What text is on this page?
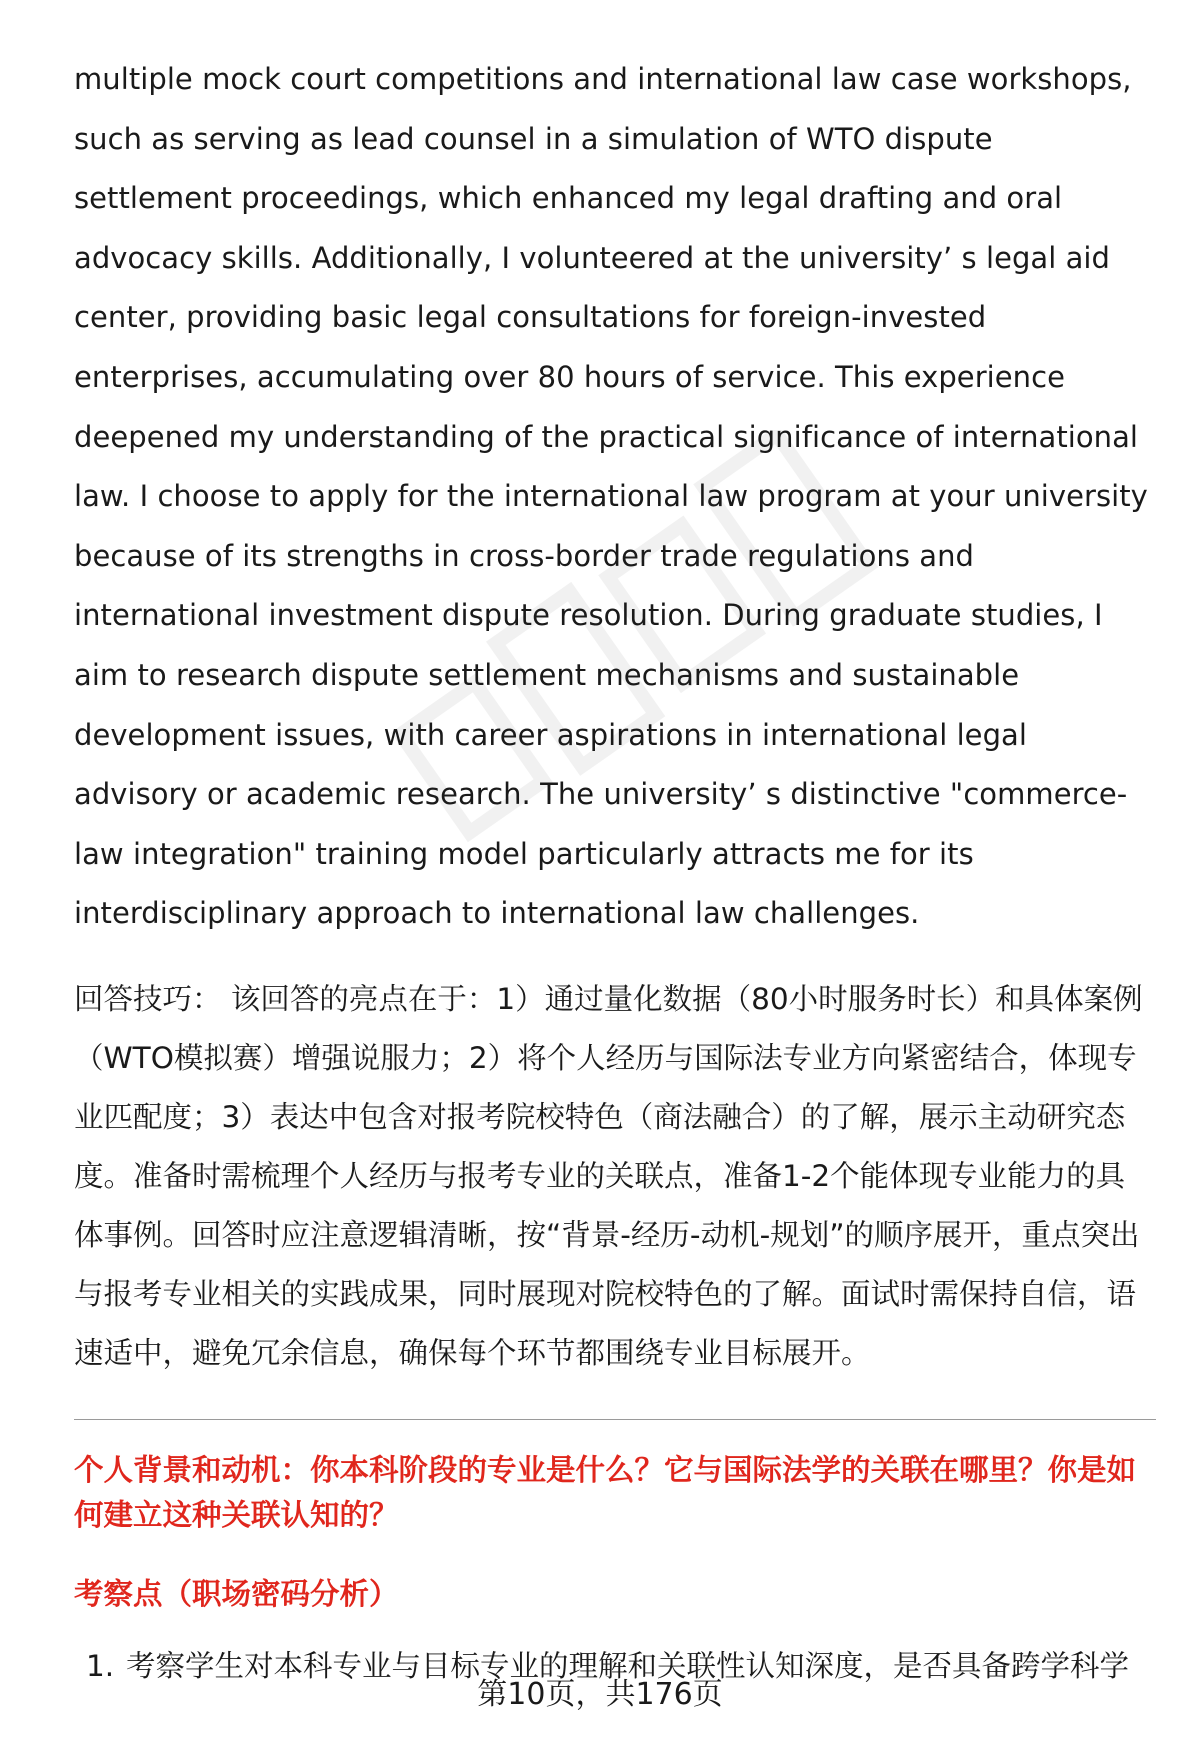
multiple mock court competitions and international law case workshops, such as serving as lead counsel in a simulation of WTO dispute settlement proceedings, which enhanced my legal drafting and oral advocacy skills. Additionally, I volunteered at the university’ s legal aid center, providing basic legal consultations for foreign-invested enterprises, accumulating over 80 hours of service. This experience deepened my understanding of the practical significance of international law. I choose to apply for the international law program at your university because of its strengths in cross-border trade regulations and international investment dispute resolution. During graduate studies, I aim to research dispute settlement mechanisms and sustainable development issues, with career aspirations in international legal advisory or academic research. The university’ s distinctive "commerce-law integration" training model particularly attracts me for its interdisciplinary approach to international law challenges.

回答技巧： 该回答的亮点在于：1）通过量化数据（80小时服务时长）和具体案例（WTO模拟赛）增强说服力；2）将个人经历与国际法专业方向紧密结合，体现专业匹配度；3）表达中包含对报考院校特色（商法融合）的了解，展示主动研究态度。准备时需梳理个人经历与报考专业的关联点，准备1-2个能体现专业能力的具体事例。回答时应注意逻辑清晰，按“背景-经历-动机-规划”的顺序展开，重点突出与报考专业相关的实践成果，同时展现对院校特色的了解。面试时需保持自信，语速适中，避免冗余信息，确保每个环节都围绕专业目标展开。

个人背景和动机：你本科阶段的专业是什么？它与国际法学的关联在哪里？你是如何建立这种关联认知的？
考察点（职场密码分析）
1. 考察学生对本科专业与目标专业的理解和关联性认知深度，是否具备跨学科学
第10页，共176页
